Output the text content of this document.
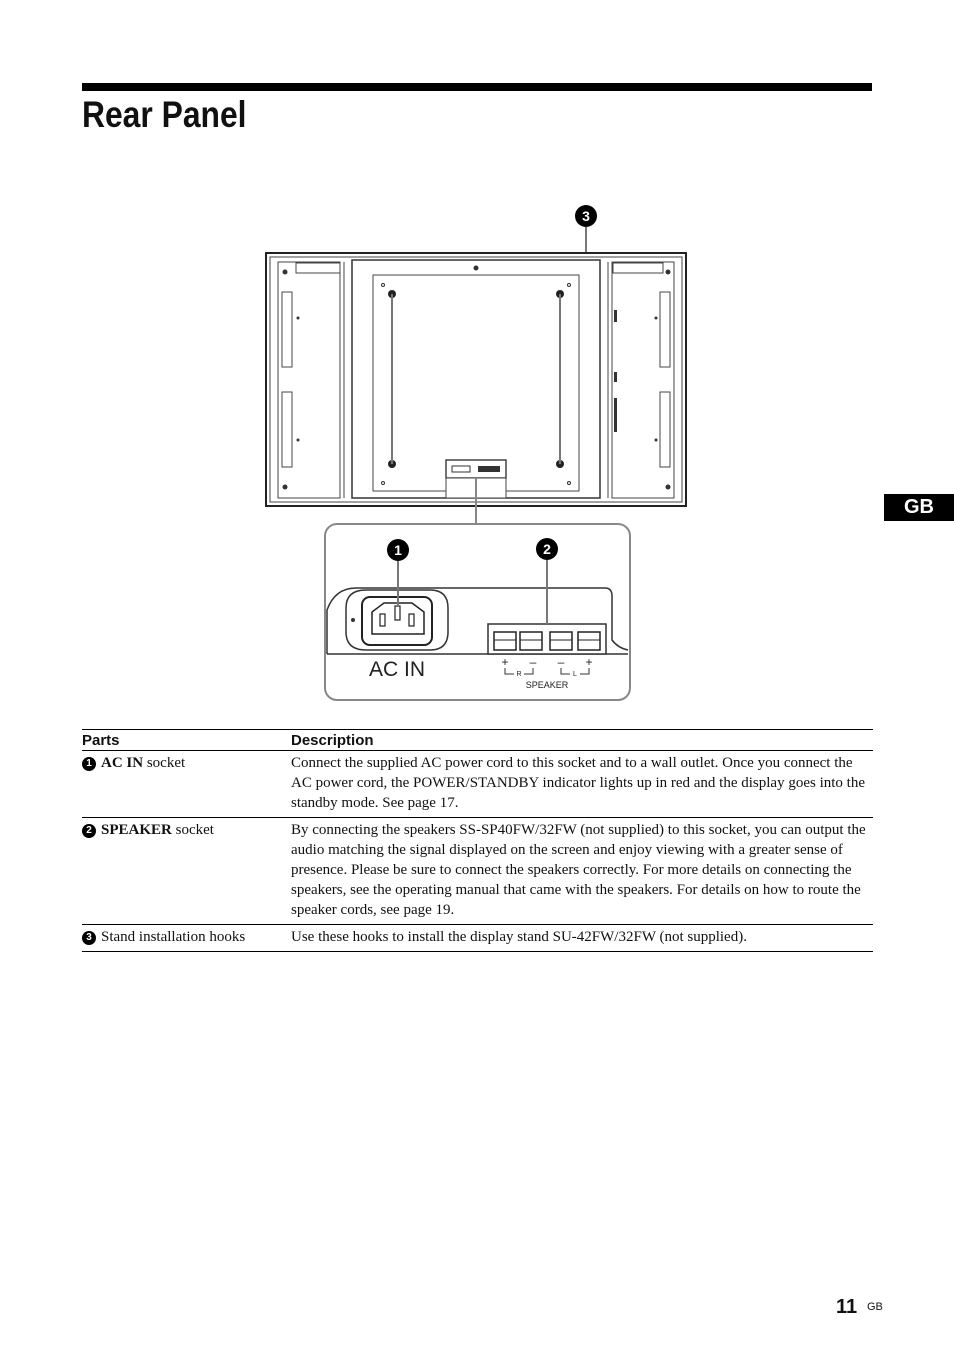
Rear Panel
GB
3
AC IN	+ – – +
R	L
SPEAKER
1	2
Parts	Description
1 AC IN socket	Connect the supplied AC power cord to this socket and to a wall outlet. Once you connect the AC power cord, the POWER/STANDBY indicator lights up in red and the display goes into the standby mode. See page 17.
2 SPEAKER socket	By connecting the speakers SS-SP40FW/32FW (not supplied) to this socket, you can output the audio matching the signal displayed on the screen and enjoy viewing with a greater sense of presence. Please be sure to connect the speakers correctly. For more details on connecting the speakers, see the operating manual that came with the speakers. For details on how to route the speaker cords, see page 19.
3 Stand installation hooks	Use these hooks to install the display stand SU-42FW/32FW (not supplied).
11 GB
